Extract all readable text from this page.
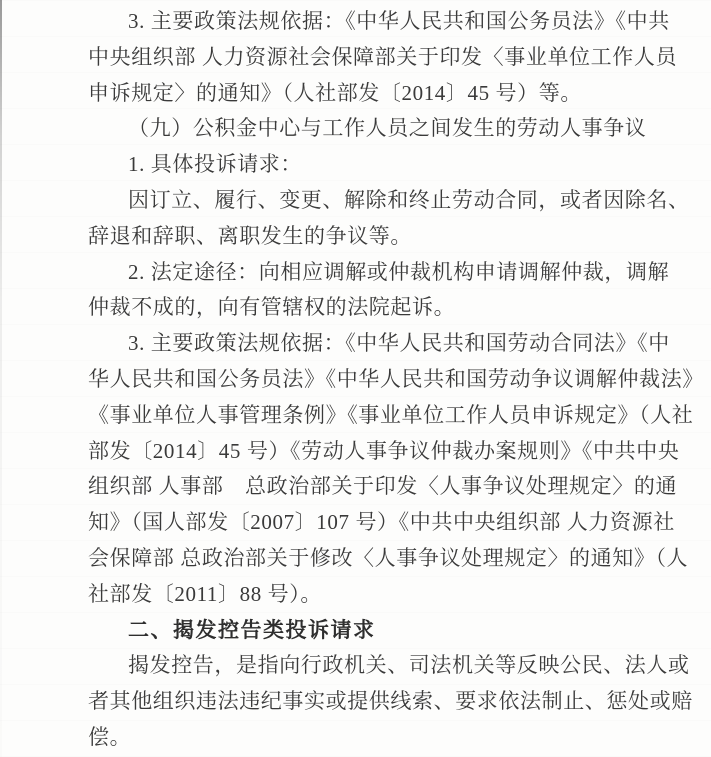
3. 主要政策法规依据：《中华人民共和国公务员法》《中共
中央组织部 人力资源社会保障部关于印发〈事业单位工作人员
申诉规定〉的通知》（人社部发〔2014〕45 号）等。
（九）公积金中心与工作人员之间发生的劳动人事争议
1. 具体投诉请求：
因订立、履行、变更、解除和终止劳动合同，或者因除名、
辞退和辞职、离职发生的争议等。
2. 法定途径：向相应调解或仲裁机构申请调解仲裁，调解
仲裁不成的，向有管辖权的法院起诉。
3. 主要政策法规依据：《中华人民共和国劳动合同法》《中
华人民共和国公务员法》《中华人民共和国劳动争议调解仲裁法》
《事业单位人事管理条例》《事业单位工作人员申诉规定》（人社
部发〔2014〕45 号）《劳动人事争议仲裁办案规则》《中共中央
组织部 人事部　总政治部关于印发〈人事争议处理规定〉的通
知》（国人部发〔2007〕107 号）《中共中央组织部 人力资源社
会保障部 总政治部关于修改〈人事争议处理规定〉的通知》（人
社部发〔2011〕88 号）。
二、揭发控告类投诉请求
揭发控告，是指向行政机关、司法机关等反映公民、法人或
者其他组织违法违纪事实或提供线索、要求依法制止、惩处或赔
偿。
